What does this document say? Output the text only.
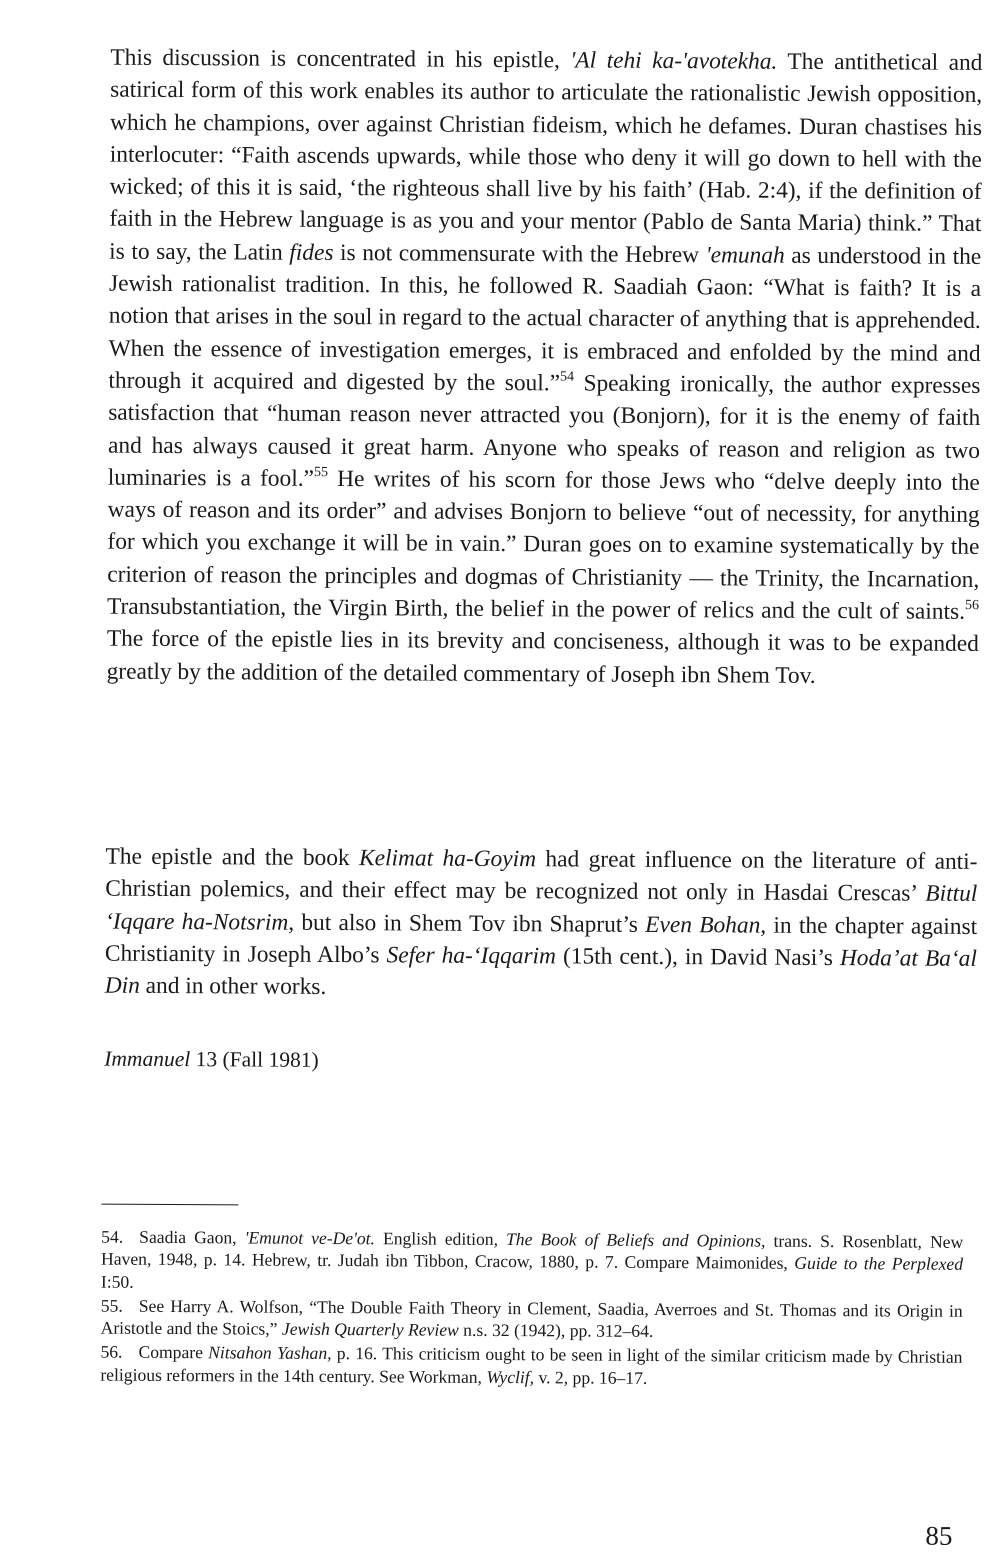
This discussion is concentrated in his epistle, 'Al tehi ka-'avotekha. The antithetical and satirical form of this work enables its author to articulate the rationalistic Jewish opposition, which he champions, over against Christian fideism, which he defames. Duran chastises his interlocuter: “Faith ascends upwards, while those who deny it will go down to hell with the wicked; of this it is said, ‘the righteous shall live by his faith’ (Hab. 2:4), if the definition of faith in the Hebrew language is as you and your mentor (Pablo de Santa Maria) think.” That is to say, the Latin fides is not commensurate with the Hebrew 'emunah as understood in the Jewish rationalist tradition. In this, he followed R. Saadiah Gaon: “What is faith? It is a notion that arises in the soul in regard to the actual character of anything that is apprehended. When the essence of investigation emerges, it is embraced and enfolded by the mind and through it acquired and digested by the soul.”$^{54}$ Speaking ironically, the author expresses satisfaction that “human reason never attracted you (Bonjorn), for it is the enemy of faith and has always caused it great harm. Anyone who speaks of reason and religion as two luminaries is a fool.”$^{55}$ He writes of his scorn for those Jews who “delve deeply into the ways of reason and its order” and advises Bonjorn to believe “out of necessity, for anything for which you exchange it will be in vain.” Duran goes on to examine systematically by the criterion of reason the principles and dogmas of Christianity — the Trinity, the Incarnation, Transubstantiation, the Virgin Birth, the belief in the power of relics and the cult of saints.$^{56}$ The force of the epistle lies in its brevity and conciseness, although it was to be expanded greatly by the addition of the detailed commentary of Joseph ibn Shem Tov.

The epistle and the book Kelimat ha-Goyim had great influence on the literature of anti-Christian polemics, and their effect may be recognized not only in Hasdai Crescas’ Bittul ‘Iqqare ha-Notsrim, but also in Shem Tov ibn Shaprut’s Even Bohan, in the chapter against Christianity in Joseph Albo’s Sefer ha-‘Iqqarim (15th cent.), in David Nasi’s Hoda’at Ba‘al Din and in other works.

Immanuel 13 (Fall 1981)

54. Saadia Gaon, 'Emunot ve-De'ot. English edition, The Book of Beliefs and Opinions, trans. S. Rosenblatt, New Haven, 1948, p. 14. Hebrew, tr. Judah ibn Tibbon, Cracow, 1880, p. 7. Compare Maimonides, Guide to the Perplexed I:50.

55. See Harry A. Wolfson, “The Double Faith Theory in Clement, Saadia, Averroes and St. Thomas and its Origin in Aristotle and the Stoics,” Jewish Quarterly Review n.s. 32 (1942), pp. 312–64.

56. Compare Nitsahon Yashan, p. 16. This criticism ought to be seen in light of the similar criticism made by Christian religious reformers in the 14th century. See Workman, Wyclif, v. 2, pp. 16–17.

85
